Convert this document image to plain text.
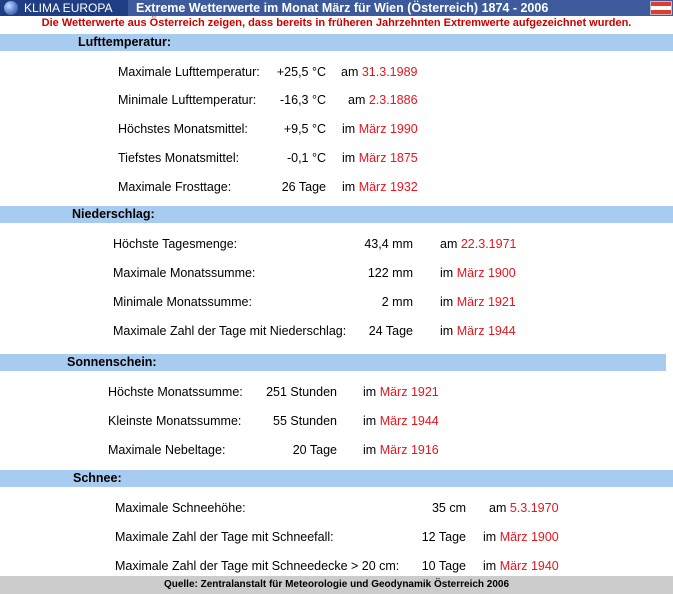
KLIMA EUROPA Extreme Wetterwerte im Monat März für Wien (Österreich) 1874 - 2006
Die Wetterwerte aus Österreich zeigen, dass bereits in früheren Jahrzehnten Extremwerte aufgezeichnet wurden.
Lufttemperatur:
Maximale Lufttemperatur: +25,5 °C am 31.3.1989
Minimale Lufttemperatur: -16,3 °C am 2.3.1886
Höchstes Monatsmittel:	+9,5 °C im März 1990
Tiefstes Monatsmittel:	-0,1 °C im März 1875
Maximale Frosttage:	26 Tage im März 1932
Niederschlag:
Höchste Tagesmenge:	43,4 mm am 22.3.1971
Maximale Monatssumme:	122 mm im März 1900
Minimale Monatssumme:	2 mm im März 1921
Maximale Zahl der Tage mit Niederschlag: 24 Tage im März 1944
Sonnenschein:
Höchste Monatssumme: 251 Stunden im März 1921
Kleinste Monatssumme:	55 Stunden im März 1944
Maximale Nebeltage:	20 Tage im März 1916
Schnee:
Maximale Schneehöhe:	35 cm am 5.3.1970
Maximale Zahl der Tage mit Schneefall:	12 Tage im März 1900
Maximale Zahl der Tage mit Schneedecke > 20 cm: 10 Tage im März 1940
Quelle: Zentralanstalt für Meteorologie und Geodynamik Österreich 2006
